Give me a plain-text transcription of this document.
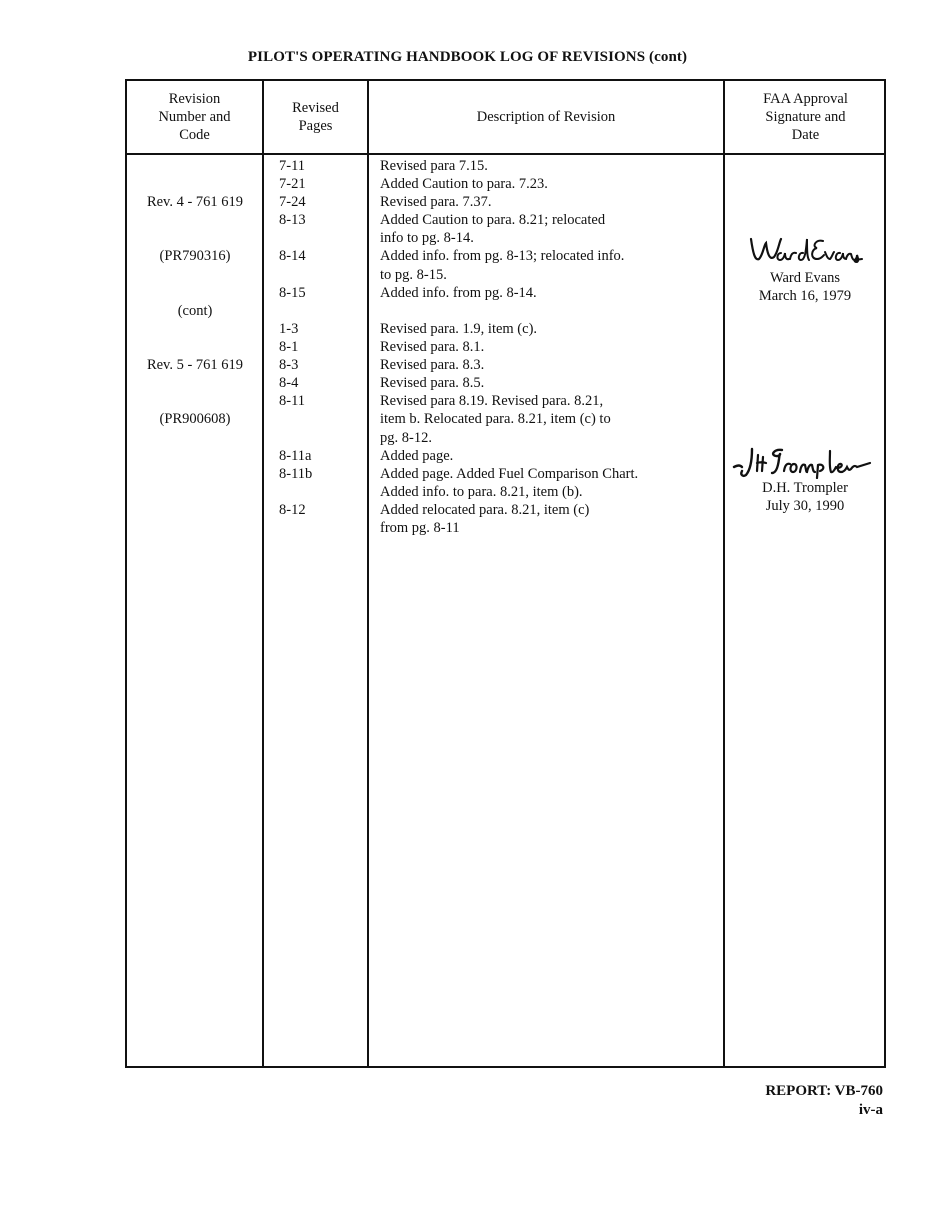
PILOT'S OPERATING HANDBOOK LOG OF REVISIONS (cont)
Revision
Number and
Code
Revised
Pages
Description of Revision
FAA Approval
Signature and
Date

Rev. 4 - 761 619

(PR790316)

(cont)

7-11
7-21
7-24
8-13

8-14

8-15
Revised para 7.15.
Added Caution to para. 7.23.
Revised para. 7.37.
Added Caution to para. 8.21; relocated
info to pg. 8-14.
Added info. from pg. 8-13; relocated info.
to pg. 8-15.
Added info. from pg. 8-14.
Ward Evans
March 16, 1979

Rev. 5 - 761 619

(PR900608)

1-3
8-1
8-3
8-4
8-11

8-11a
8-11b

8-12
Revised para. 1.9, item (c).
Revised para. 8.1.
Revised para. 8.3.
Revised para. 8.5.
Revised para 8.19. Revised para. 8.21,
item b. Relocated para. 8.21, item (c) to
pg. 8-12.
Added page.
Added page. Added Fuel Comparison Chart.
Added info. to para. 8.21, item (b).
Added relocated para. 8.21, item (c)
from pg. 8-11
D.H. Trompler
July 30, 1990
REPORT: VB-760
iv-a
